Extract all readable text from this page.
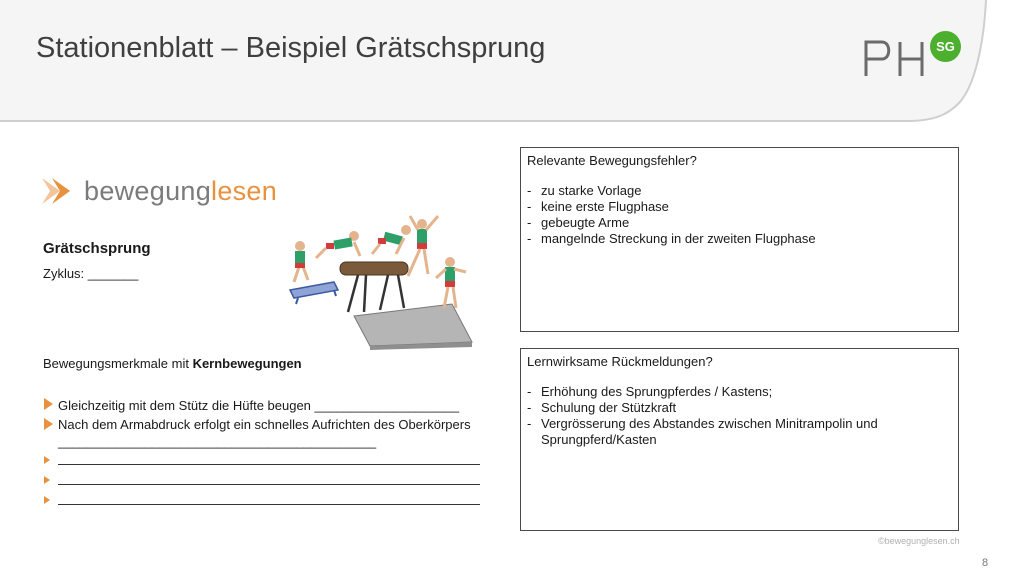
Stationenblatt – Beispiel Grätschsprung	SG
bewegunglesen
Grätschsprung
Zyklus: _______
Bewegungsmerkmale mit Kernbewegungen
Gleichzeitig mit dem Stütz die Hüfte beugen ____________________
Nach dem Armabdruck erfolgt ein schnelles Aufrichten des Oberkörpers ____________________________________________
Relevante Bewegungsfehler?
- zu starke Vorlage
- keine erste Flugphase
- gebeugte Arme
- mangelnde Streckung in der zweiten Flugphase
Lernwirksame Rückmeldungen?
- Erhöhung des Sprungpferdes / Kastens;
- Schulung der Stützkraft
- Vergrösserung des Abstandes zwischen Minitrampolin und Sprungpferd/Kasten
©bewegunglesen.ch
8
